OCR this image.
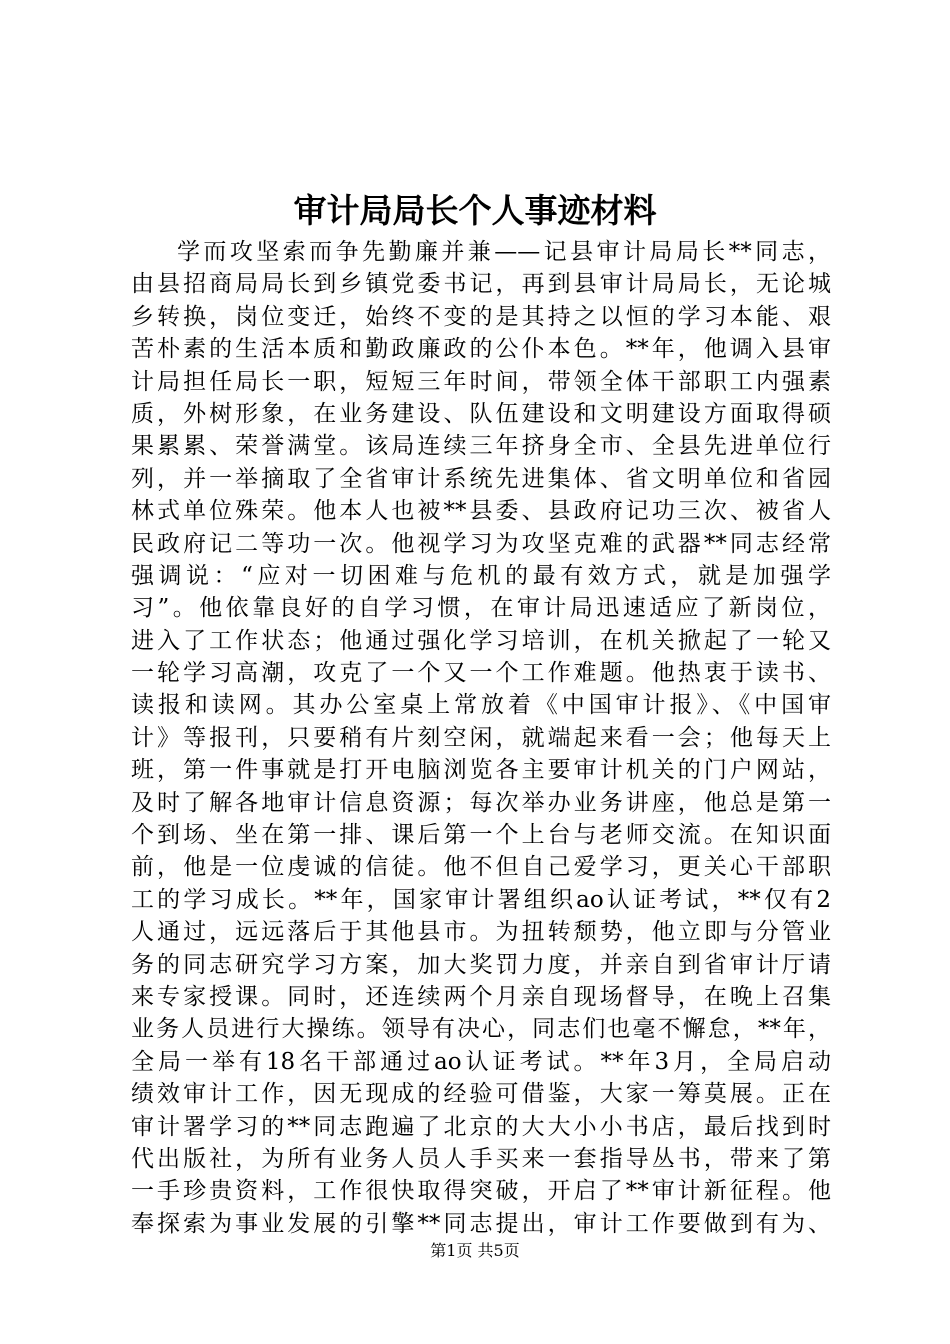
审计局局长个人事迹材料
学而攻坚索而争先勤廉并兼——记县审计局局长**同志，
由县招商局局长到乡镇党委书记，再到县审计局局长，无论城
乡转换，岗位变迁，始终不变的是其持之以恒的学习本能、艰
苦朴素的生活本质和勤政廉政的公仆本色。**年，他调入县审
计局担任局长一职，短短三年时间，带领全体干部职工内强素
质，外树形象，在业务建设、队伍建设和文明建设方面取得硕
果累累、荣誉满堂。该局连续三年挤身全市、全县先进单位行
列，并一举摘取了全省审计系统先进集体、省文明单位和省园
林式单位殊荣。他本人也被**县委、县政府记功三次、被省人
民政府记二等功一次。他视学习为攻坚克难的武器**同志经常
强调说：“应对一切困难与危机的最有效方式，就是加强学
习”。他依靠良好的自学习惯，在审计局迅速适应了新岗位，
进入了工作状态；他通过强化学习培训，在机关掀起了一轮又
一轮学习高潮，攻克了一个又一个工作难题。他热衷于读书、
读报和读网。其办公室桌上常放着《中国审计报》、《中国审
计》等报刊，只要稍有片刻空闲，就端起来看一会；他每天上
班，第一件事就是打开电脑浏览各主要审计机关的门户网站，
及时了解各地审计信息资源；每次举办业务讲座，他总是第一
个到场、坐在第一排、课后第一个上台与老师交流。在知识面
前，他是一位虔诚的信徒。他不但自己爱学习，更关心干部职
工的学习成长。**年，国家审计署组织ao认证考试，**仅有2
人通过，远远落后于其他县市。为扭转颓势，他立即与分管业
务的同志研究学习方案，加大奖罚力度，并亲自到省审计厅请
来专家授课。同时，还连续两个月亲自现场督导，在晚上召集
业务人员进行大操练。领导有决心，同志们也毫不懈怠，**年，
全局一举有18名干部通过ao认证考试。**年3月，全局启动
绩效审计工作，因无现成的经验可借鉴，大家一筹莫展。正在
审计署学习的**同志跑遍了北京的大大小小书店，最后找到时
代出版社，为所有业务人员人手买来一套指导丛书，带来了第
一手珍贵资料，工作很快取得突破，开启了**审计新征程。他
奉探索为事业发展的引擎**同志提出，审计工作要做到有为、
第1页 共5页
